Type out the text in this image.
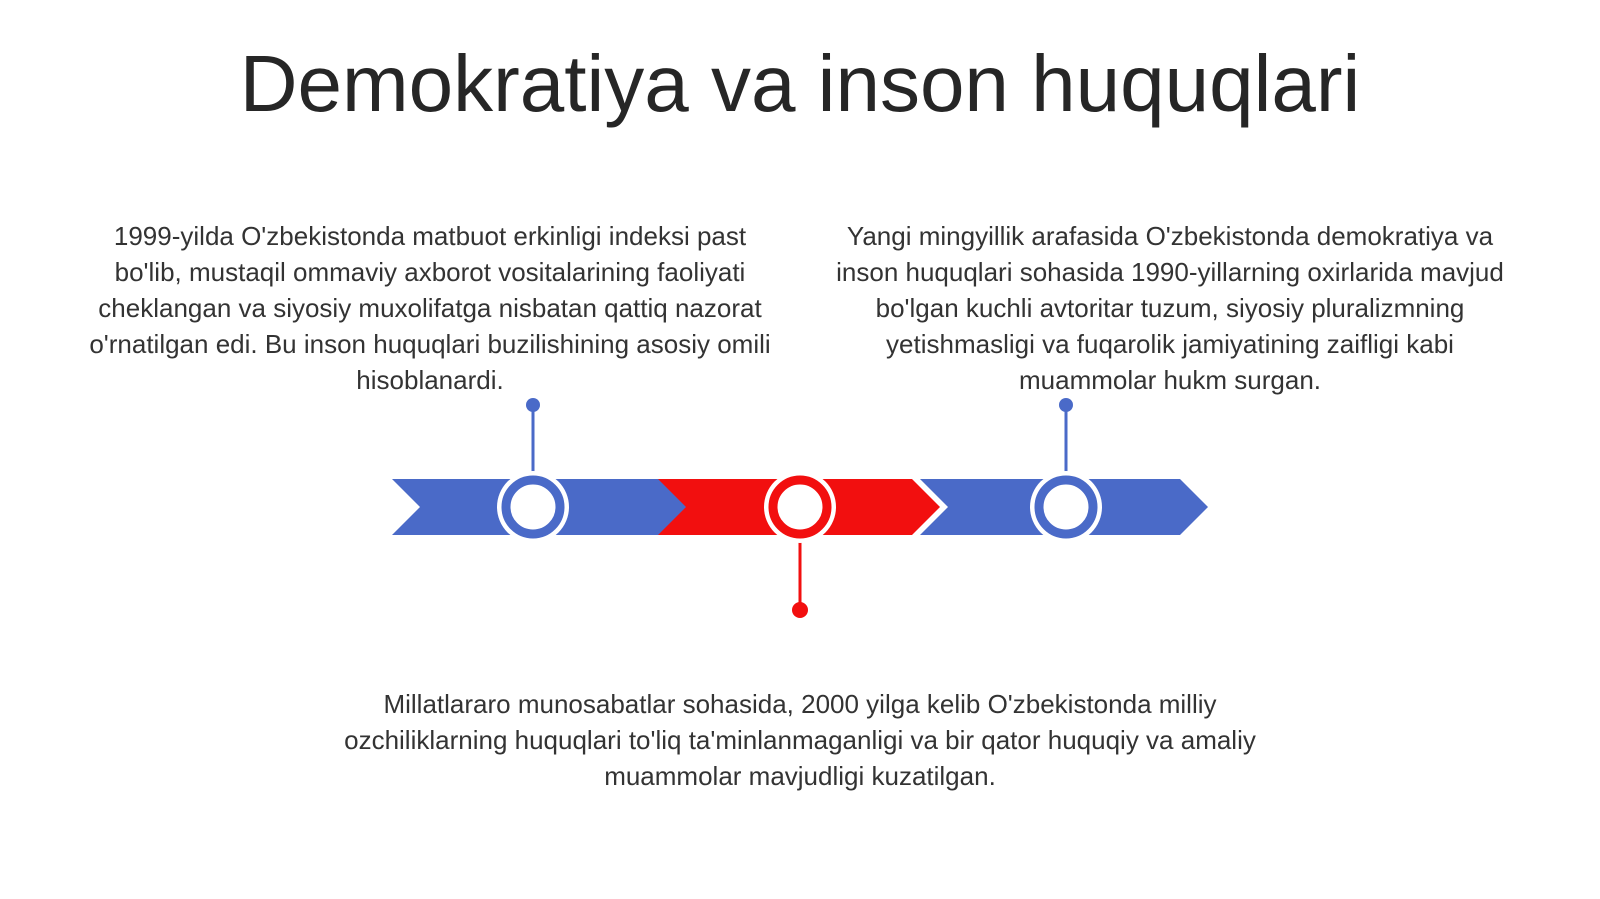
Demokratiya va inson huquqlari
1999-yilda O'zbekistonda matbuot erkinligi indeksi past bo'lib, mustaqil ommaviy axborot vositalarining faoliyati cheklangan va siyosiy muxolifatga nisbatan qattiq nazorat o'rnatilgan edi. Bu inson huquqlari buzilishining asosiy omili hisoblanardi.
Yangi mingyillik arafasida O'zbekistonda demokratiya va inson huquqlari sohasida 1990-yillarning oxirlarida mavjud bo'lgan kuchli avtoritar tuzum, siyosiy pluralizmning yetishmasligi va fuqarolik jamiyatining zaifligi kabi muammolar hukm surgan.
Millatlararo munosabatlar sohasida, 2000 yilga kelib O'zbekistonda milliy ozchiliklarning huquqlari to'liq ta'minlanmaganligi va bir qator huquqiy va amaliy muammolar mavjudligi kuzatilgan.
